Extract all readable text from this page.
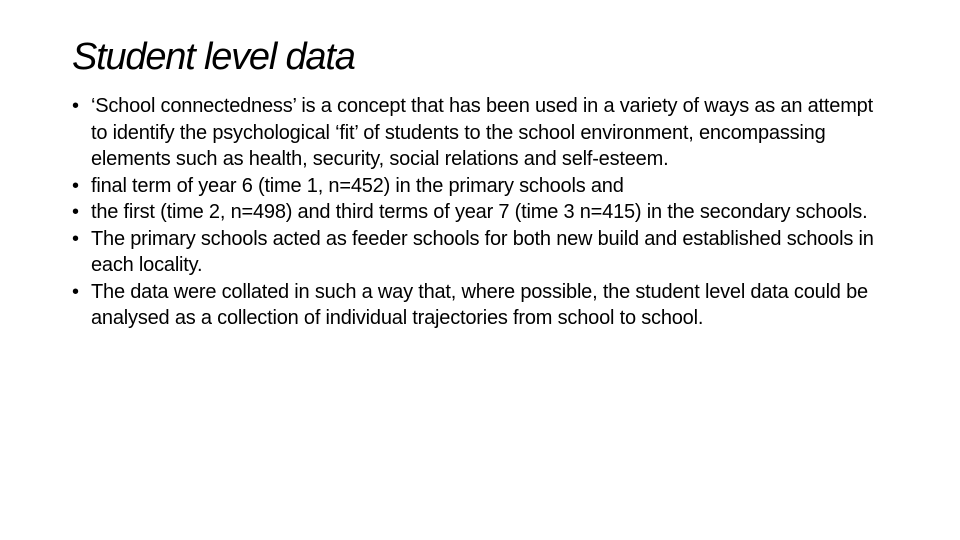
Student level data
• ‘School connectedness’ is a concept that has been used in a variety of ways as an attempt to identify the psychological ‘fit’ of students to the school environment, encompassing elements such as health, security, social relations and self-esteem.
• final term of year 6 (time 1, n=452) in the primary schools and
• the first (time 2, n=498) and third terms of year 7 (time 3 n=415) in the secondary schools.
• The primary schools acted as feeder schools for both new build and established schools in each locality.
• The data were collated in such a way that, where possible, the student level data could be analysed as a collection of individual trajectories from school to school.
